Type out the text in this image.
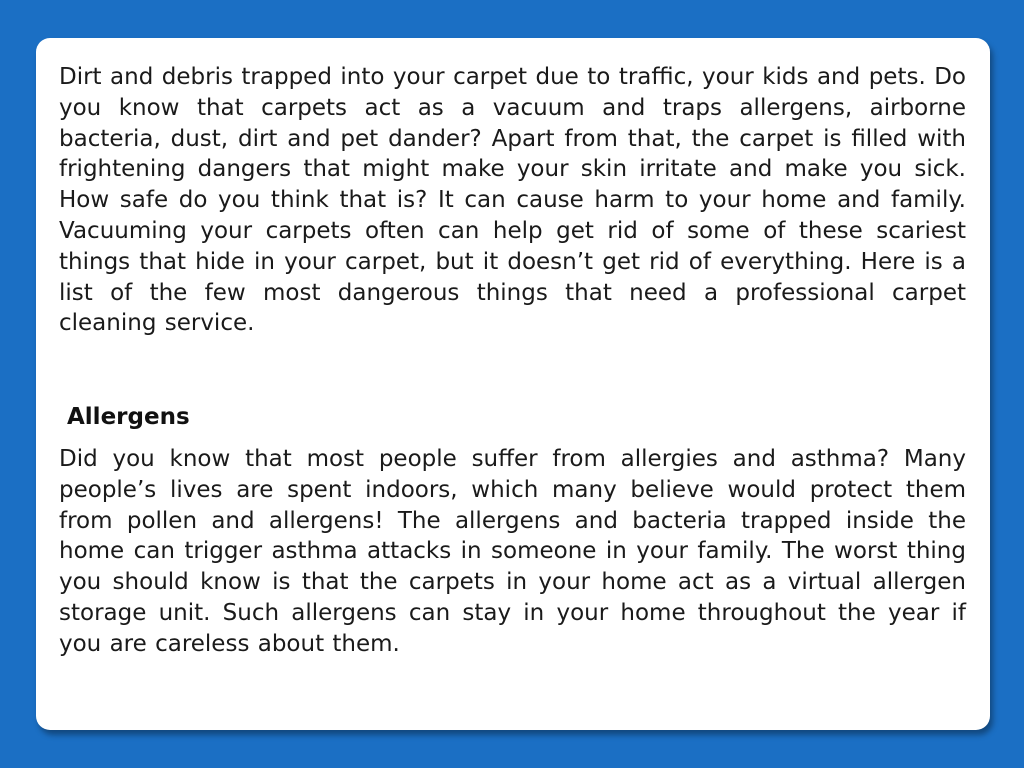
Dirt and debris trapped into your carpet due to traffic, your kids and pets. Do you know that carpets act as a vacuum and traps allergens, airborne bacteria, dust, dirt and pet dander? Apart from that, the carpet is filled with frightening dangers that might make your skin irritate and make you sick. How safe do you think that is? It can cause harm to your home and family. Vacuuming your carpets often can help get rid of some of these scariest things that hide in your carpet, but it doesn’t get rid of everything. Here is a list of the few most dangerous things that need a professional carpet cleaning service.

Allergens

Did you know that most people suffer from allergies and asthma? Many people’s lives are spent indoors, which many believe would protect them from pollen and allergens! The allergens and bacteria trapped inside the home can trigger asthma attacks in someone in your family. The worst thing you should know is that the carpets in your home act as a virtual allergen storage unit. Such allergens can stay in your home throughout the year if you are careless about them.
